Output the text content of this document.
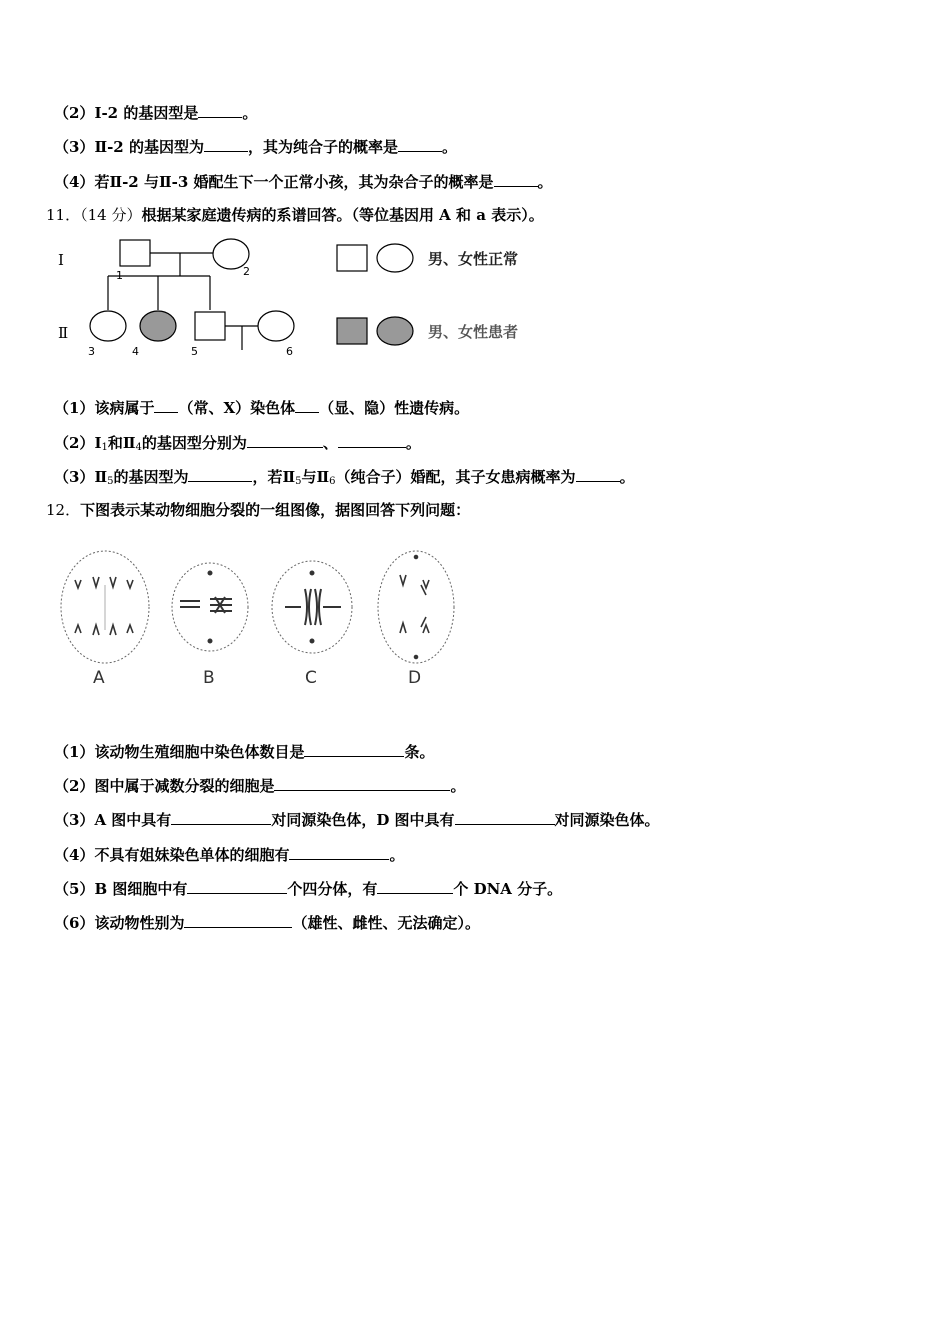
（2）Ⅰ-2 的基因型是	。
（3）Ⅱ-2 的基因型为	，其为纯合子的概率是	。
（4）若Ⅱ-2 与Ⅱ-3 婚配生下一个正常小孩，其为杂合子的概率是	。
11．（14 分）根据某家庭遗传病的系谱回答。（等位基因用 A 和 a 表示）。
Ⅰ
Ⅱ
1	2
3	4	5	6
男、女性正常
男、女性患者
（1）该病属于 （常、X）染色体 （显、隐）性遗传病。
$(2)Ⅰ_1$和$Ⅱ_4$的基因型分别为	、	。
$(3)Ⅱ_5$的基因型为	，若$Ⅱ_5$与$Ⅱ_6$（纯合子）婚配，其子女患病概率为	。
12．下图表示某动物细胞分裂的一组图像，据图回答下列问题：
A	B	C	D
（1）该动物生殖细胞中染色体数目是	条。
（2）图中属于减数分裂的细胞是	。
（3）A 图中具有	对同源染色体，D 图中具有	对同源染色体。
（4）不具有姐妹染色单体的细胞有	。
（5）B 图细胞中有	个四分体，有	个 DNA 分子。
（6）该动物性别为	（雄性、雌性、无法确定）。
